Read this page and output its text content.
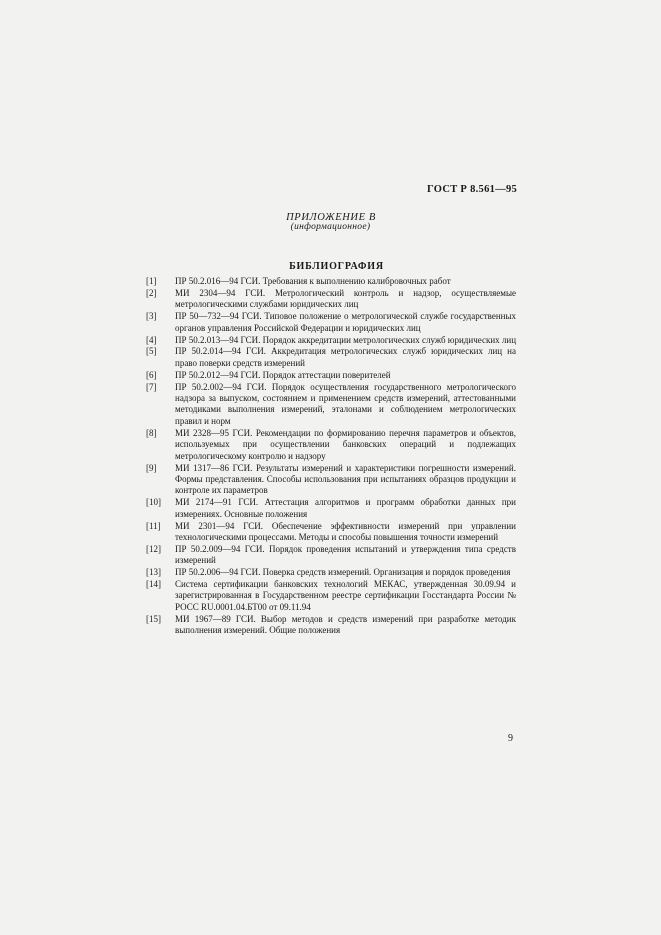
ГОСТ Р 8.561—95
ПРИЛОЖЕНИЕ В
(информационное)
БИБЛИОГРАФИЯ
[1] ПР 50.2.016—94 ГСИ. Требования к выполнению калибровочных работ
[2] МИ 2304—94 ГСИ. Метрологический контроль и надзор, осуществляемые метрологическими службами юридических лиц
[3] ПР 50—732—94 ГСИ. Типовое положение о метрологической службе государственных органов управления Российской Федерации и юридических лиц
[4] ПР 50.2.013—94 ГСИ. Порядок аккредитации метрологических служб юридических лиц
[5] ПР 50.2.014—94 ГСИ. Аккредитация метрологических служб юридических лиц на право поверки средств измерений
[6] ПР 50.2.012—94 ГСИ. Порядок аттестации поверителей
[7] ПР 50.2.002—94 ГСИ. Порядок осуществления государственного метрологического надзора за выпуском, состоянием и применением средств измерений, аттестованными методиками выполнения измерений, эталонами и соблюдением метрологических правил и норм
[8] МИ 2328—95 ГСИ. Рекомендации по формированию перечня параметров и объектов, используемых при осуществлении банковских операций и подлежащих метрологическому контролю и надзору
[9] МИ 1317—86 ГСИ. Результаты измерений и характеристики погрешности измерений. Формы представления. Способы использования при испытаниях образцов продукции и контроле их параметров
[10] МИ 2174—91 ГСИ. Аттестация алгоритмов и программ обработки данных при измерениях. Основные положения
[11] МИ 2301—94 ГСИ. Обеспечение эффективности измерений при управлении технологическими процессами. Методы и способы повышения точности измерений
[12] ПР 50.2.009—94 ГСИ. Порядок проведения испытаний и утверждения типа средств измерений
[13] ПР 50.2.006—94 ГСИ. Поверка средств измерений. Организация и порядок проведения
[14] Система сертификации банковских технологий МЕКАС, утвержденная 30.09.94 и зарегистрированная в Государственном реестре сертификации Госстандарта России № РОСС RU.0001.04.БТ00 от 09.11.94
[15] МИ 1967—89 ГСИ. Выбор методов и средств измерений при разработке методик выполнения измерений. Общие положения
9
